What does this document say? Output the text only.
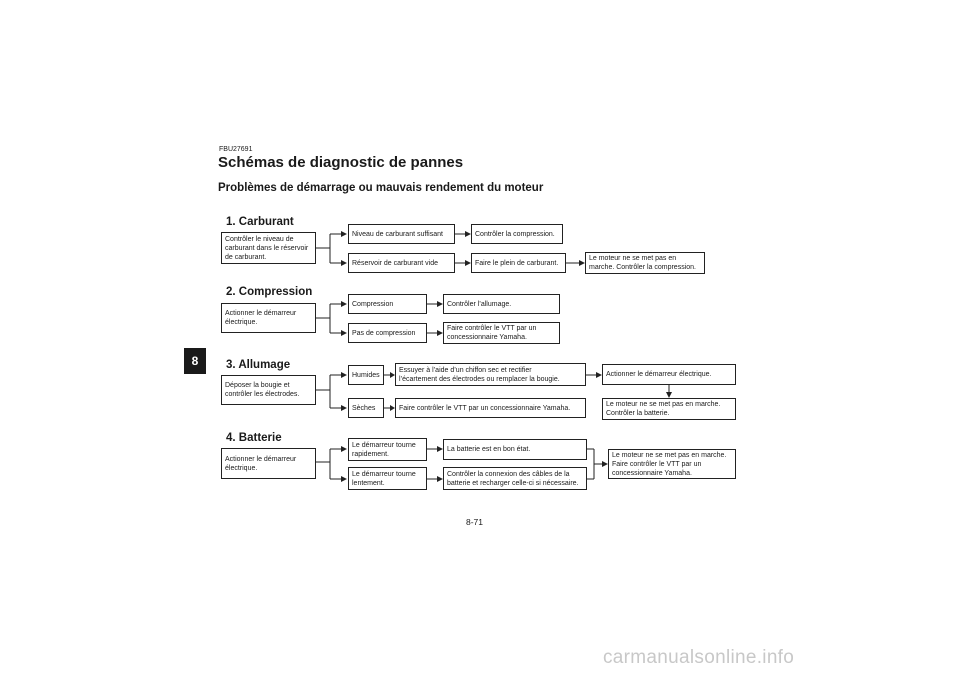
FBU27691
Schémas de diagnostic de pannes
Problèmes de démarrage ou mauvais rendement du moteur
8
1. Carburant
Contrôler le niveau de
carburant dans le réservoir
de carburant.
Niveau de carburant suffisant	Contrôler la compression.
Réservoir de carburant vide	Faire le plein de carburant.
Le moteur ne se met pas en
marche. Contrôler la compression.
2. Compression
Actionner le démarreur
électrique.
Compression	Contrôler l’allumage.
Pas de compression
Faire contrôler le VTT par un
concessionnaire Yamaha.
3. Allumage
Déposer la bougie et
contrôler les électrodes.
Humides
Essuyer à l’aide d’un chiffon sec et rectifier
l’écartement des électrodes ou remplacer la bougie.
Actionner le démarreur électrique.
Le moteur ne se met pas en marche.
Contrôler la batterie.
Sèches	Faire contrôler le VTT par un concessionnaire Yamaha.
4. Batterie
Actionner le démarreur
électrique.
Le démarreur tourne
rapidement.
La batterie est en bon état.
Le démarreur tourne
lentement.
Contrôler la connexion des câbles de la
batterie et recharger celle-ci si nécessaire.
Le moteur ne se met pas en marche.
Faire contrôler le VTT par un
concessionnaire Yamaha.
8-71
carmanualsonline.info
